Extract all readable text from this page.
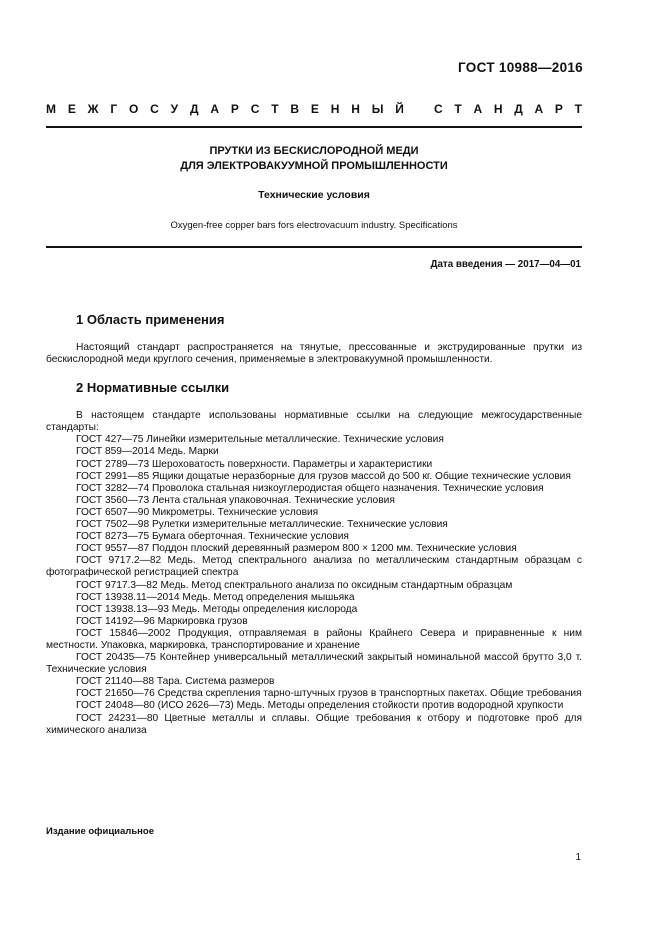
ГОСТ 10988—2016
М Е Ж Г О С У Д А Р С Т В Е Н Н Ы Й	С Т А Н Д А Р Т
ПРУТКИ ИЗ БЕСКИСЛОРОДНОЙ МЕДИ
ДЛЯ ЭЛЕКТРОВАКУУМНОЙ ПРОМЫШЛЕННОСТИ
Технические условия
Oxygen-free copper bars fors electrovacuum industry. Specifications
Дата введения — 2017—04—01
1 Область применения

Настоящий стандарт распространяется на тянутые, прессованные и экструдированные прутки из бескислородной меди круглого сечения, применяемые в электровакуумной промышленности.

2 Нормативные ссылки

В настоящем стандарте использованы нормативные ссылки на следующие межгосударственные стандарты:

ГОСТ 427—75 Линейки измерительные металлические. Технические условия

ГОСТ 859—2014 Медь. Марки

ГОСТ 2789—73 Шероховатость поверхности. Параметры и характеристики

ГОСТ 2991—85 Ящики дощатые неразборные для грузов массой до 500 кг. Общие технические условия

ГОСТ 3282—74 Проволока стальная низкоуглеродистая общего назначения. Технические условия

ГОСТ 3560—73 Лента стальная упаковочная. Технические условия

ГОСТ 6507—90 Микрометры. Технические условия

ГОСТ 7502—98 Рулетки измерительные металлические. Технические условия

ГОСТ 8273—75 Бумага оберточная. Технические условия

ГОСТ 9557—87 Поддон плоский деревянный размером 800 × 1200 мм. Технические условия

ГОСТ 9717.2—82 Медь. Метод спектрального анализа по металлическим стандартным образцам с фотографической регистрацией спектра

ГОСТ 9717.3—82 Медь. Метод спектрального анализа по оксидным стандартным образцам

ГОСТ 13938.11—2014 Медь. Метод определения мышьяка

ГОСТ 13938.13—93 Медь. Методы определения кислорода

ГОСТ 14192—96 Маркировка грузов

ГОСТ 15846—2002 Продукция, отправляемая в районы Крайнего Севера и приравненные к ним местности. Упаковка, маркировка, транспортирование и хранение

ГОСТ 20435—75 Контейнер универсальный металлический закрытый номинальной массой брутто 3,0 т. Технические условия

ГОСТ 21140—88 Тара. Система размеров

ГОСТ 21650—76 Средства скрепления тарно-штучных грузов в транспортных пакетах. Общие требования

ГОСТ 24048—80 (ИСО 2626—73) Медь. Методы определения стойкости против водородной хрупкости

ГОСТ 24231—80 Цветные металлы и сплавы. Общие требования к отбору и подготовке проб для химического анализа

Издание официальное
1
